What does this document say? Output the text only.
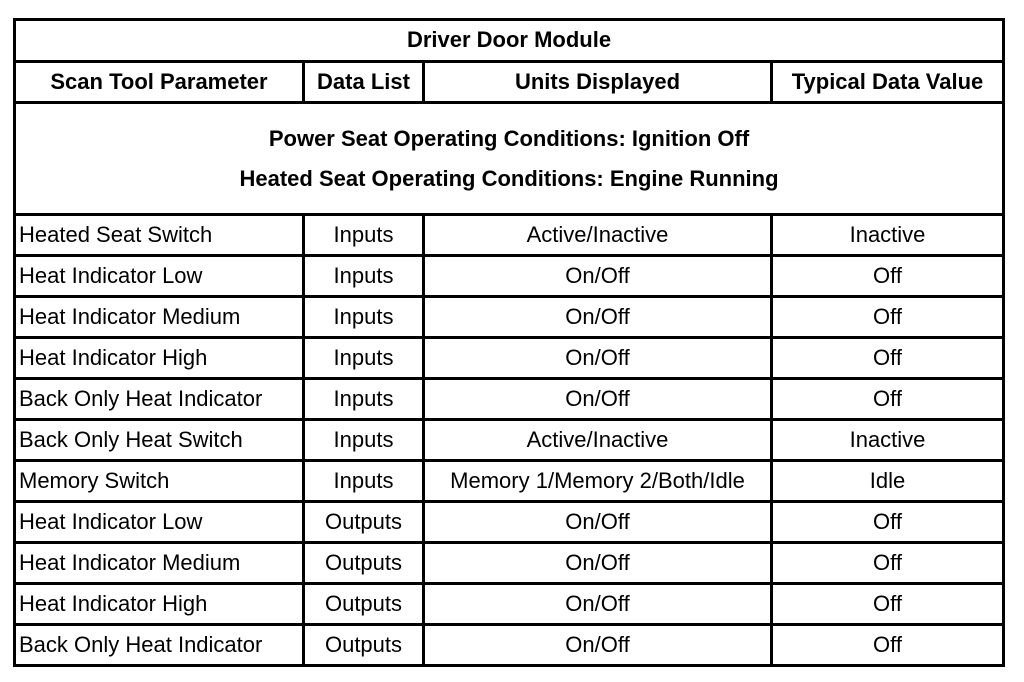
Driver Door Module			
Scan Tool Parameter	Data List	Units Displayed	Typical Data Value

Power Seat Operating Conditions: Ignition Off
Heated Seat Operating Conditions: Engine Running			

Heated Seat Switch	Inputs	Active/Inactive	Inactive
Heat Indicator Low	Inputs	On/Off	Off
Heat Indicator Medium	Inputs	On/Off	Off
Heat Indicator High	Inputs	On/Off	Off
Back Only Heat Indicator	Inputs	On/Off	Off
Back Only Heat Switch	Inputs	Active/Inactive	Inactive
Memory Switch	Inputs	Memory 1/Memory 2/Both/Idle	Idle
Heat Indicator Low	Outputs	On/Off	Off
Heat Indicator Medium	Outputs	On/Off	Off
Heat Indicator High	Outputs	On/Off	Off
Back Only Heat Indicator	Outputs	On/Off	Off
